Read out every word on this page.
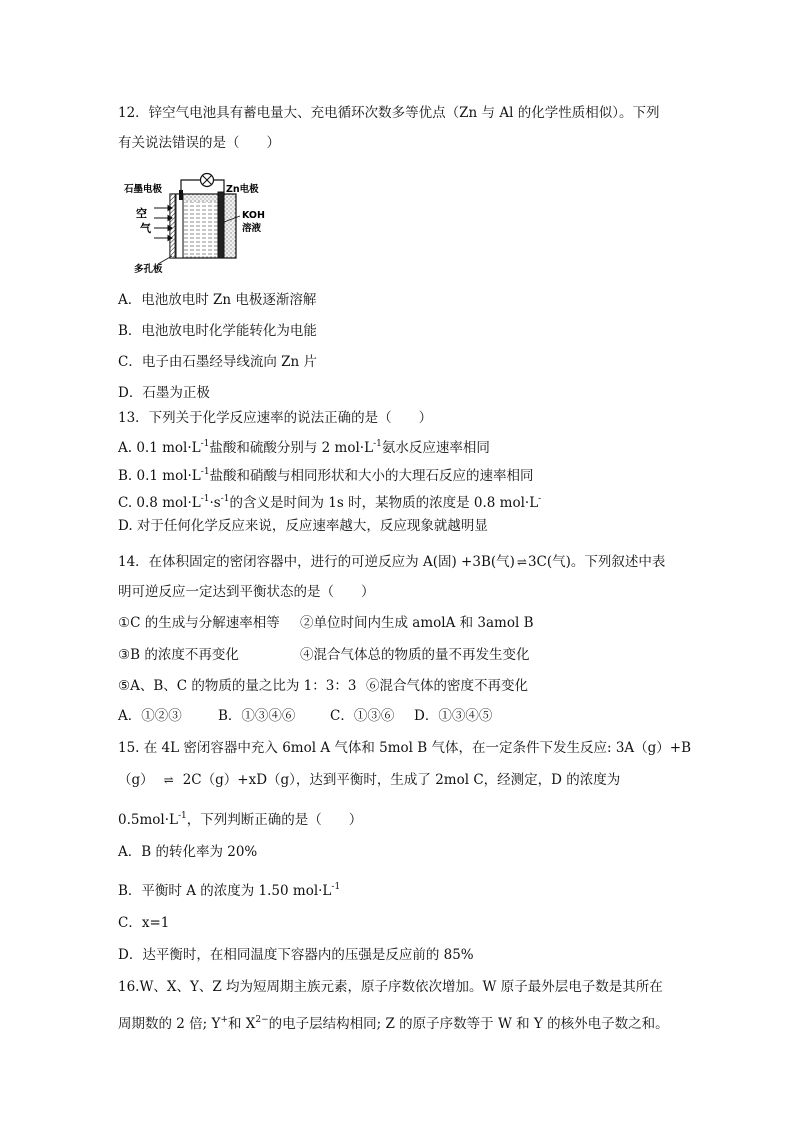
12．锌空气电池具有蓄电量大、充电循环次数多等优点（Zn 与 Al 的化学性质相似）。下列
有关说法错误的是（　　）
石墨电极	Zn电极
空
气
KOH
溶液
多孔板
A．电池放电时 Zn 电极逐渐溶解
B．电池放电时化学能转化为电能
C．电子由石墨经导线流向 Zn 片
D．石墨为正极
13．下列关于化学反应速率的说法正确的是（　　）
A. 0.1 $mol\cdot L^{-1}$盐酸和硫酸分别与 2 $mol\cdot L^{-1}$氨水反应速率相同
B. 0.1 $mol\cdot L^{-1}$盐酸和硝酸与相同形状和大小的大理石反应的速率相同
C. 0.8 $mol\cdot L^{-1}\cdot s^{-1}$的含义是时间为 1s 时，某物质的浓度是 0.8 mol·L-
D. 对于任何化学反应来说，反应速率越大，反应现象就越明显
14．在体积固定的密闭容器中，进行的可逆反应为 A(固) +3B(气) ⇌ 3C(气)。下列叙述中表
明可逆反应一定达到平衡状态的是（　　）
①C 的生成与分解速率相等 ②单位时间内生成 amolA 和 3amol B
③B 的浓度不再变化	④混合气体总的物质的量不再发生变化
⑤A、B、C 的物质的量之比为 1：3：3 ⑥混合气体的密度不再变化
A．①②③	B．①③④⑥	C．①③⑥ D．①③④⑤
15. 在 4L 密闭容器中充入 6mol A 气体和 5mol B 气体，在一定条件下发生反应: 3A（g）+B
（g） ⇌ 2C（g）+xD（g），达到平衡时，生成了 2mol C，经测定，D 的浓度为
$0.5mol\cdot L^{-1}$，下列判断正确的是（　　）
A．B 的转化率为 20%
B．平衡时 A 的浓度为 1.50 $mol\cdot L^{-1}$
C．x=1
D．达平衡时，在相同温度下容器内的压强是反应前的 85%
16.W、X、Y、Z 均为短周期主族元素，原子序数依次增加。W 原子最外层电子数是其所在
周期数的 2 倍; Y+和 $X^{2-}$的电子层结构相同; Z 的原子序数等于 W 和 Y 的核外电子数之和。
